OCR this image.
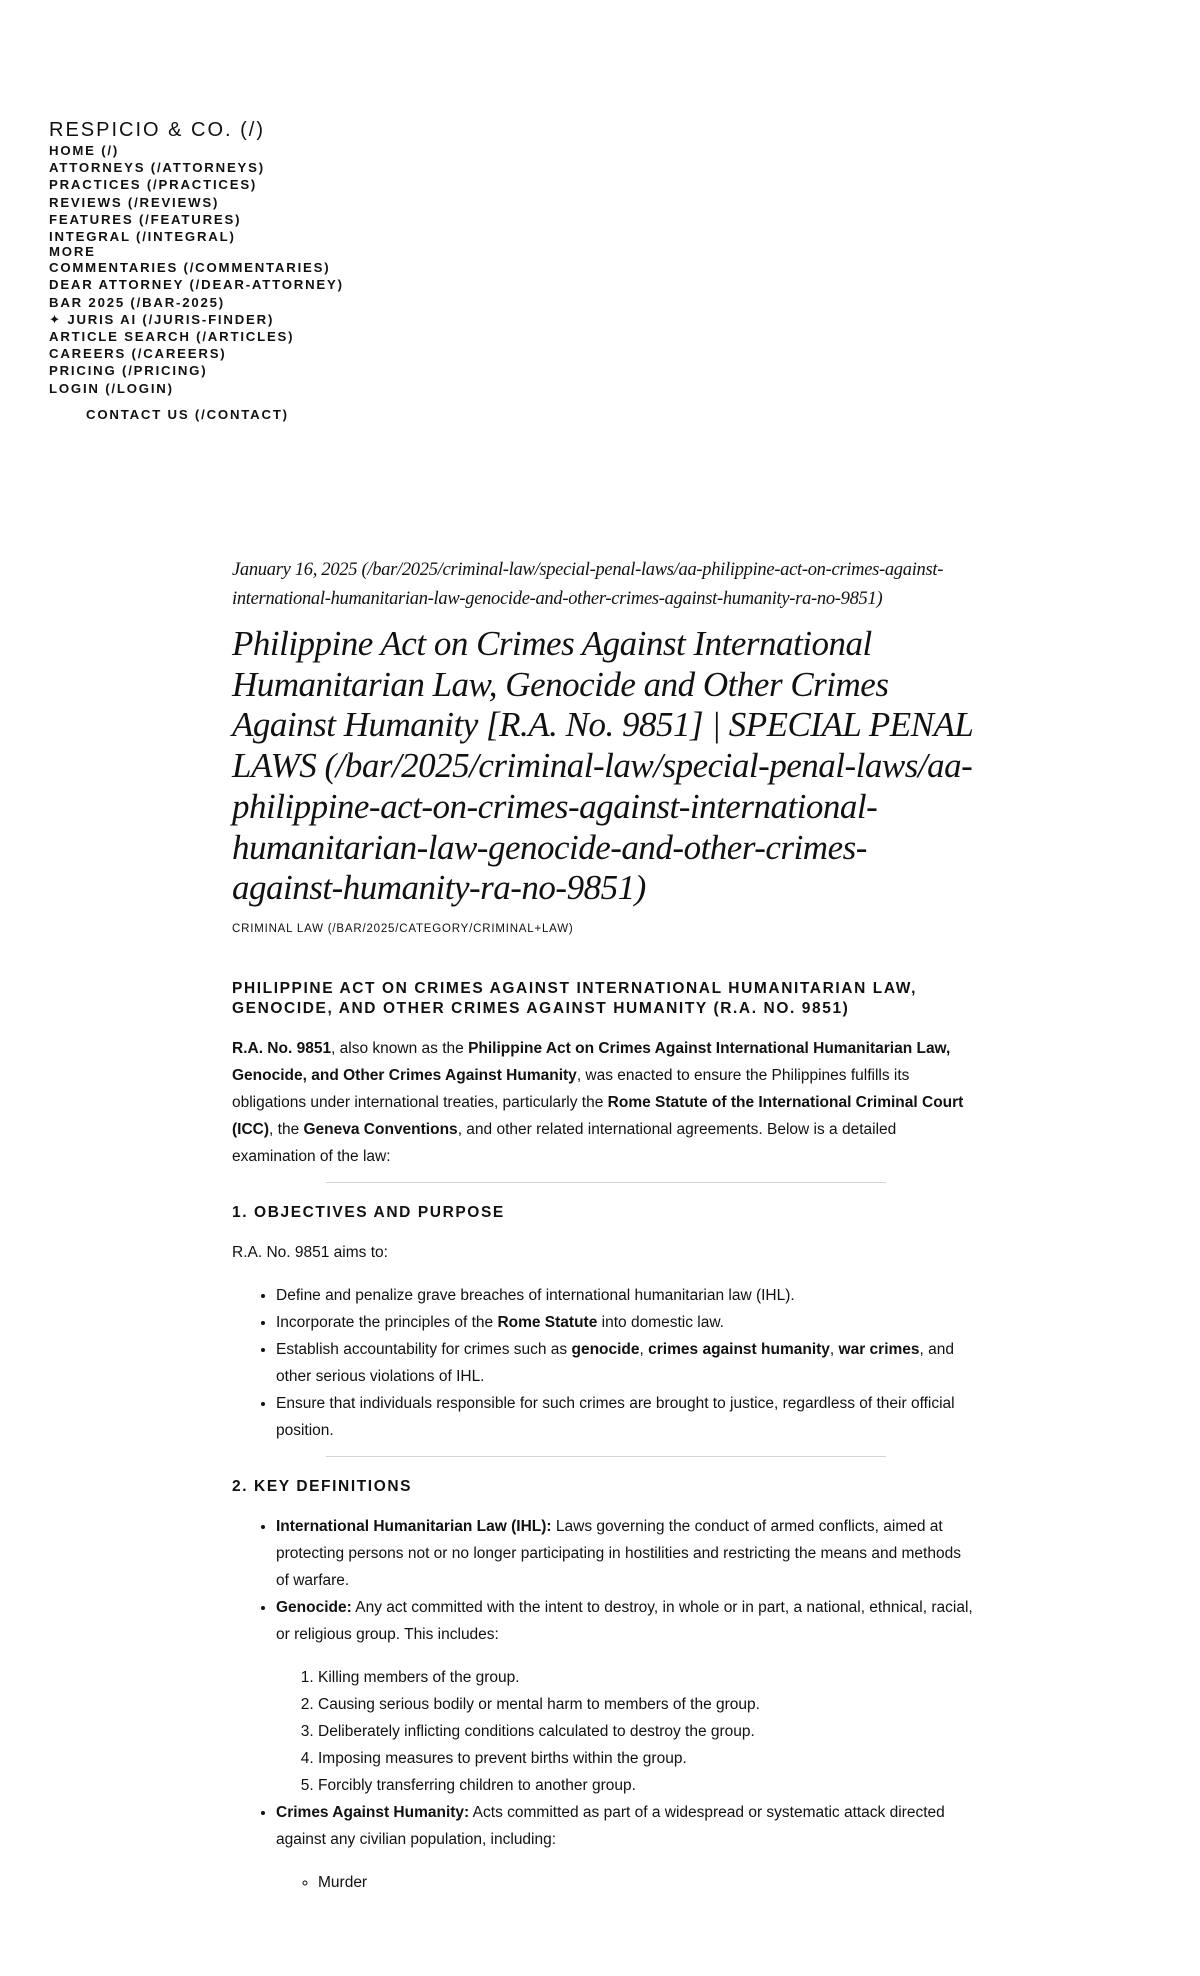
RESPICIO & CO. (/)
HOME (/)
ATTORNEYS (/ATTORNEYS)
PRACTICES (/PRACTICES)
REVIEWS (/REVIEWS)
FEATURES (/FEATURES)
INTEGRAL (/INTEGRAL)
MORE
COMMENTARIES (/COMMENTARIES)
DEAR ATTORNEY (/DEAR-ATTORNEY)
BAR 2025 (/BAR-2025)
✦ JURIS AI (/JURIS-FINDER)
ARTICLE SEARCH (/ARTICLES)
CAREERS (/CAREERS)
PRICING (/PRICING)
LOGIN (/LOGIN)
CONTACT US (/CONTACT)
January 16, 2025 (/bar/2025/criminal-law/special-penal-laws/aa-philippine-act-on-crimes-against-international-humanitarian-law-genocide-and-other-crimes-against-humanity-ra-no-9851)
Philippine Act on Crimes Against International Humanitarian Law, Genocide and Other Crimes Against Humanity [R.A. No. 9851] | SPECIAL PENAL LAWS (/bar/2025/criminal-law/special-penal-laws/aa-philippine-act-on-crimes-against-international-humanitarian-law-genocide-and-other-crimes-against-humanity-ra-no-9851)
CRIMINAL LAW (/BAR/2025/CATEGORY/CRIMINAL+LAW)
PHILIPPINE ACT ON CRIMES AGAINST INTERNATIONAL HUMANITARIAN LAW, GENOCIDE, AND OTHER CRIMES AGAINST HUMANITY (R.A. NO. 9851)

R.A. No. 9851, also known as the Philippine Act on Crimes Against International Humanitarian Law, Genocide, and Other Crimes Against Humanity, was enacted to ensure the Philippines fulfills its obligations under international treaties, particularly the Rome Statute of the International Criminal Court (ICC), the Geneva Conventions, and other related international agreements. Below is a detailed examination of the law:

1. OBJECTIVES AND PURPOSE

R.A. No. 9851 aims to:

• Define and penalize grave breaches of international humanitarian law (IHL).
• Incorporate the principles of the Rome Statute into domestic law.
• Establish accountability for crimes such as genocide, crimes against humanity, war crimes, and other serious violations of IHL.
• Ensure that individuals responsible for such crimes are brought to justice, regardless of their official position.
2. KEY DEFINITIONS
• International Humanitarian Law (IHL): Laws governing the conduct of armed conflicts, aimed at protecting persons not or no longer participating in hostilities and restricting the means and methods of warfare.
• Genocide: Any act committed with the intent to destroy, in whole or in part, a national, ethnical, racial, or religious group. This includes:
1. Killing members of the group.
2. Causing serious bodily or mental harm to members of the group.
3. Deliberately inflicting conditions calculated to destroy the group.
4. Imposing measures to prevent births within the group.
5. Forcibly transferring children to another group.
• Crimes Against Humanity: Acts committed as part of a widespread or systematic attack directed against any civilian population, including:
◦ Murder
